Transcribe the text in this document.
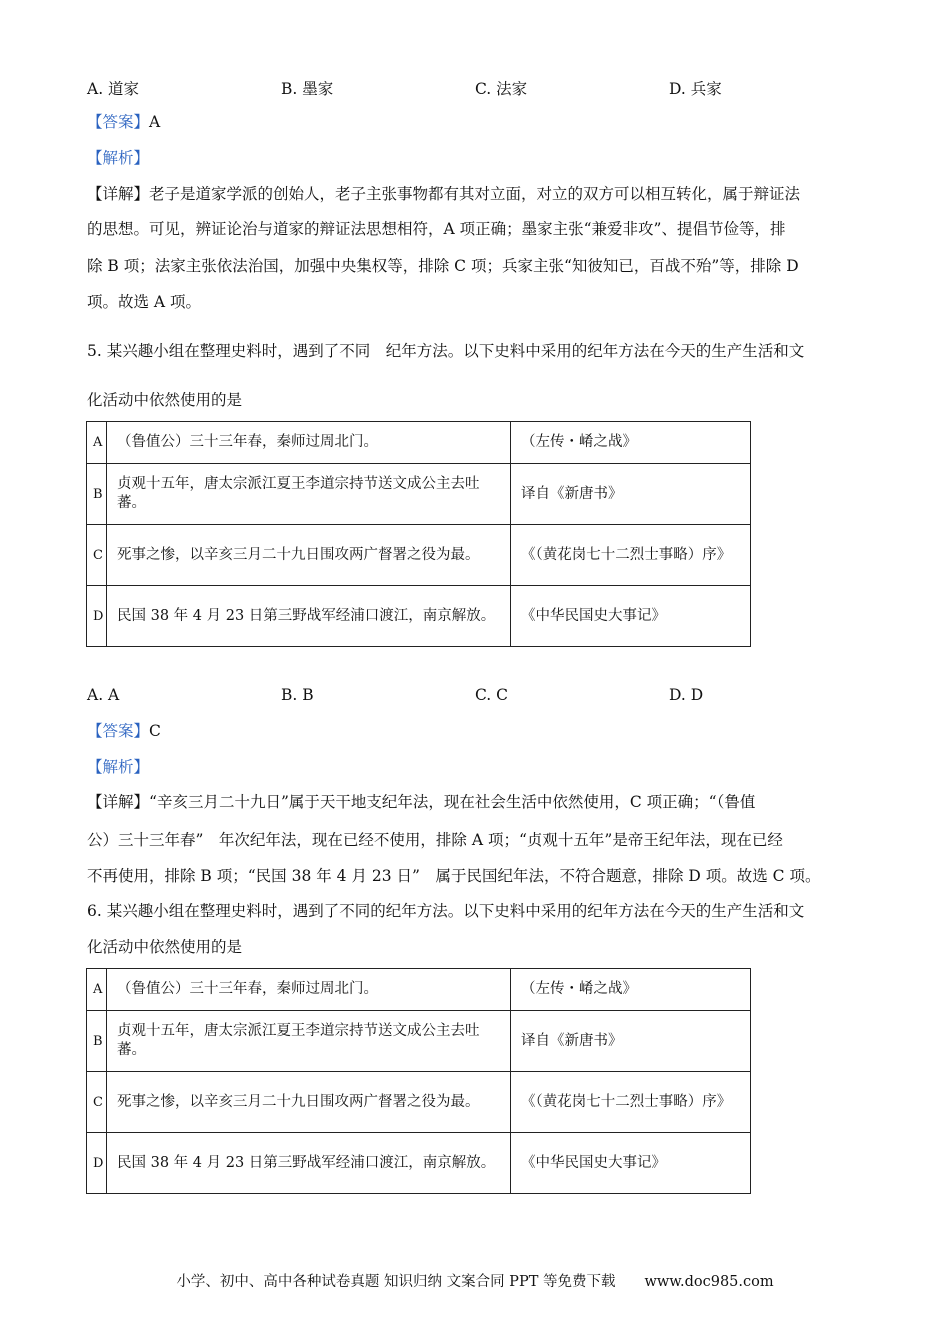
A. 道家	B. 墨家	C. 法家	D. 兵家
【答案】A
【解析】
【详解】老子是道家学派的创始人，老子主张事物都有其对立面，对立的双方可以相互转化，属于辩证法
的思想。可见，辨证论治与道家的辩证法思想相符，A 项正确；墨家主张“兼爱非攻”、提倡节俭等，排
除 B 项；法家主张依法治国，加强中央集权等，排除 C 项；兵家主张“知彼知已，百战不殆”等，排除 D
项。故选 A 项。
5. 某兴趣小组在整理史料时，遇到了不同　纪年方法。以下史料中采用的纪年方法在今天的生产生活和文
化活动中依然使用的是
A	（鲁值公）三十三年春，秦师过周北门。	（左传・崤之战》
B	贞观十五年，唐太宗派江夏王李道宗持节送文成公主去吐蕃。	译自《新唐书》
C	死事之惨，以辛亥三月二十九日围攻两广督署之役为最。	《（黄花岗七十二烈士事略）序》
D	民国 38 年 4 月 23 日第三野战军经浦口渡江，南京解放。	《中华民国史大事记》
A. A	B. B	C. C	D. D
【答案】C
【解析】
【详解】“辛亥三月二十九日”属于天干地支纪年法，现在社会生活中依然使用，C 项正确；“（鲁值
公）三十三年春”　年次纪年法，现在已经不使用，排除 A 项；“贞观十五年”是帝王纪年法，现在已经
不再使用，排除 B 项；“民国 38 年 4 月 23 日”　属于民国纪年法，不符合题意，排除 D 项。故选 C 项。
6. 某兴趣小组在整理史料时，遇到了不同的纪年方法。以下史料中采用的纪年方法在今天的生产生活和文
化活动中依然使用的是
A	（鲁值公）三十三年春，秦师过周北门。	（左传・崤之战》
B	贞观十五年，唐太宗派江夏王李道宗持节送文成公主去吐蕃。	译自《新唐书》
C	死事之惨，以辛亥三月二十九日围攻两广督署之役为最。	《（黄花岗七十二烈士事略）序》
D	民国 38 年 4 月 23 日第三野战军经浦口渡江，南京解放。	《中华民国史大事记》
小学、初中、高中各种试卷真题 知识归纳 文案合同 PPT 等免费下载　　www.doc985.com
